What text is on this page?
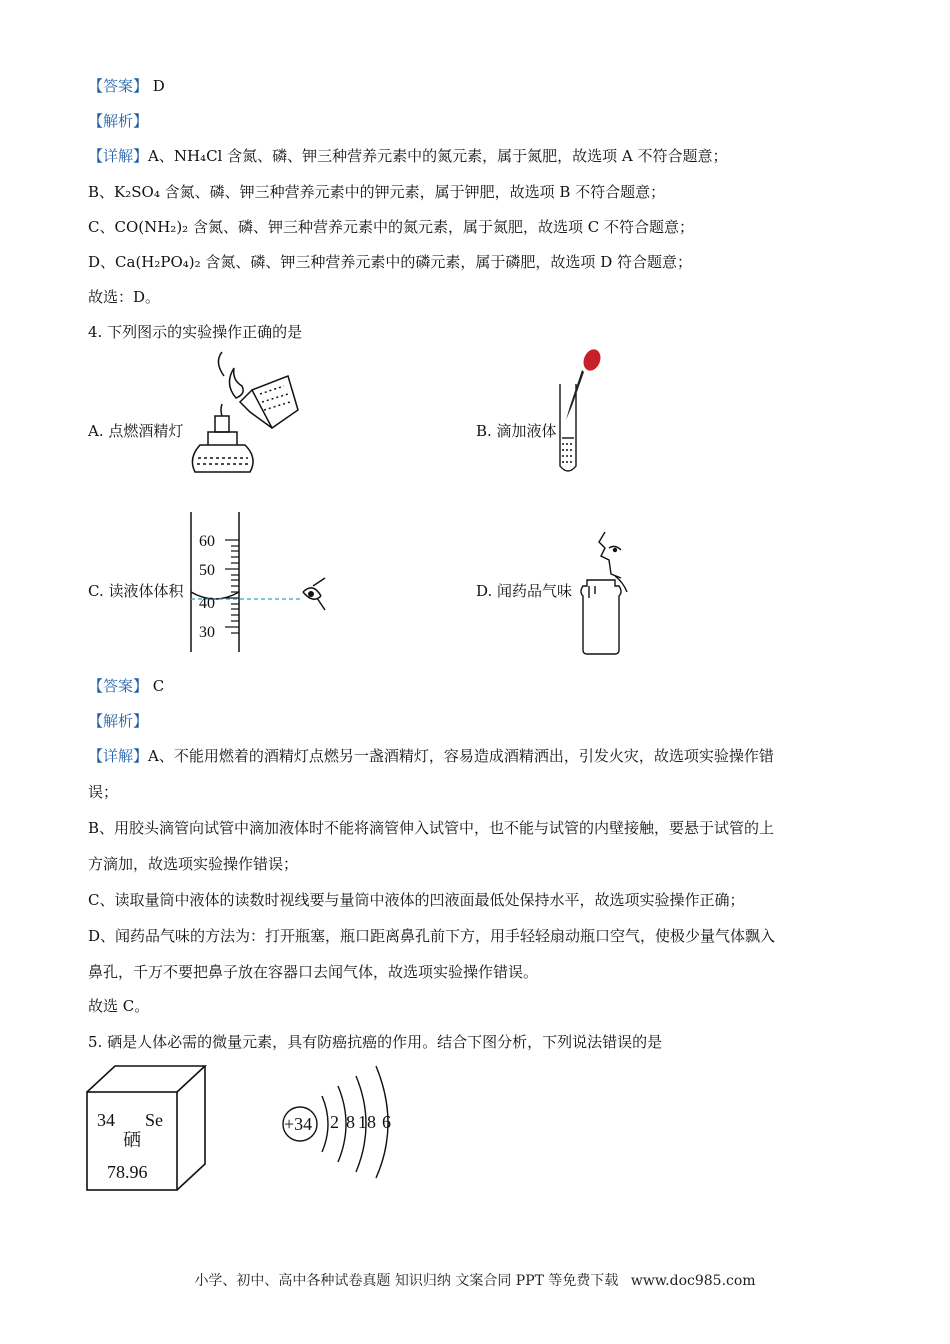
【答案】 D
【解析】
【详解】A、NH₄Cl 含氮、磷、钾三种营养元素中的氮元素，属于氮肥，故选项 A 不符合题意；
B、K₂SO₄ 含氮、磷、钾三种营养元素中的钾元素，属于钾肥，故选项 B 不符合题意；
C、CO(NH₂)₂ 含氮、磷、钾三种营养元素中的氮元素，属于氮肥，故选项 C 不符合题意；
D、Ca(H₂PO₄)₂ 含氮、磷、钾三种营养元素中的磷元素，属于磷肥，故选项 D 符合题意；
故选：D。
4. 下列图示的实验操作正确的是
A. 点燃酒精灯	B. 滴加液体
C. 读液体体积	D. 闻药品气味
60
50
40
30
【答案】 C
【解析】
【详解】A、不能用燃着的酒精灯点燃另一盏酒精灯，容易造成酒精洒出，引发火灾，故选项实验操作错
误；
B、用胶头滴管向试管中滴加液体时不能将滴管伸入试管中，也不能与试管的内壁接触，要悬于试管的上
方滴加，故选项实验操作错误；
C、读取量筒中液体的读数时视线要与量筒中液体的凹液面最低处保持水平，故选项实验操作正确；
D、闻药品气味的方法为：打开瓶塞，瓶口距离鼻孔前下方，用手轻轻扇动瓶口空气，使极少量气体飘入
鼻孔，千万不要把鼻子放在容器口去闻气体，故选项实验操作错误。
故选 C。
5. 硒是人体必需的微量元素，具有防癌抗癌的作用。结合下图分析，下列说法错误的是
34 Se
硒
78.96
+34 2 8 18 6
小学、初中、高中各种试卷真题 知识归纳 文案合同 PPT 等免费下载 www.doc985.com
